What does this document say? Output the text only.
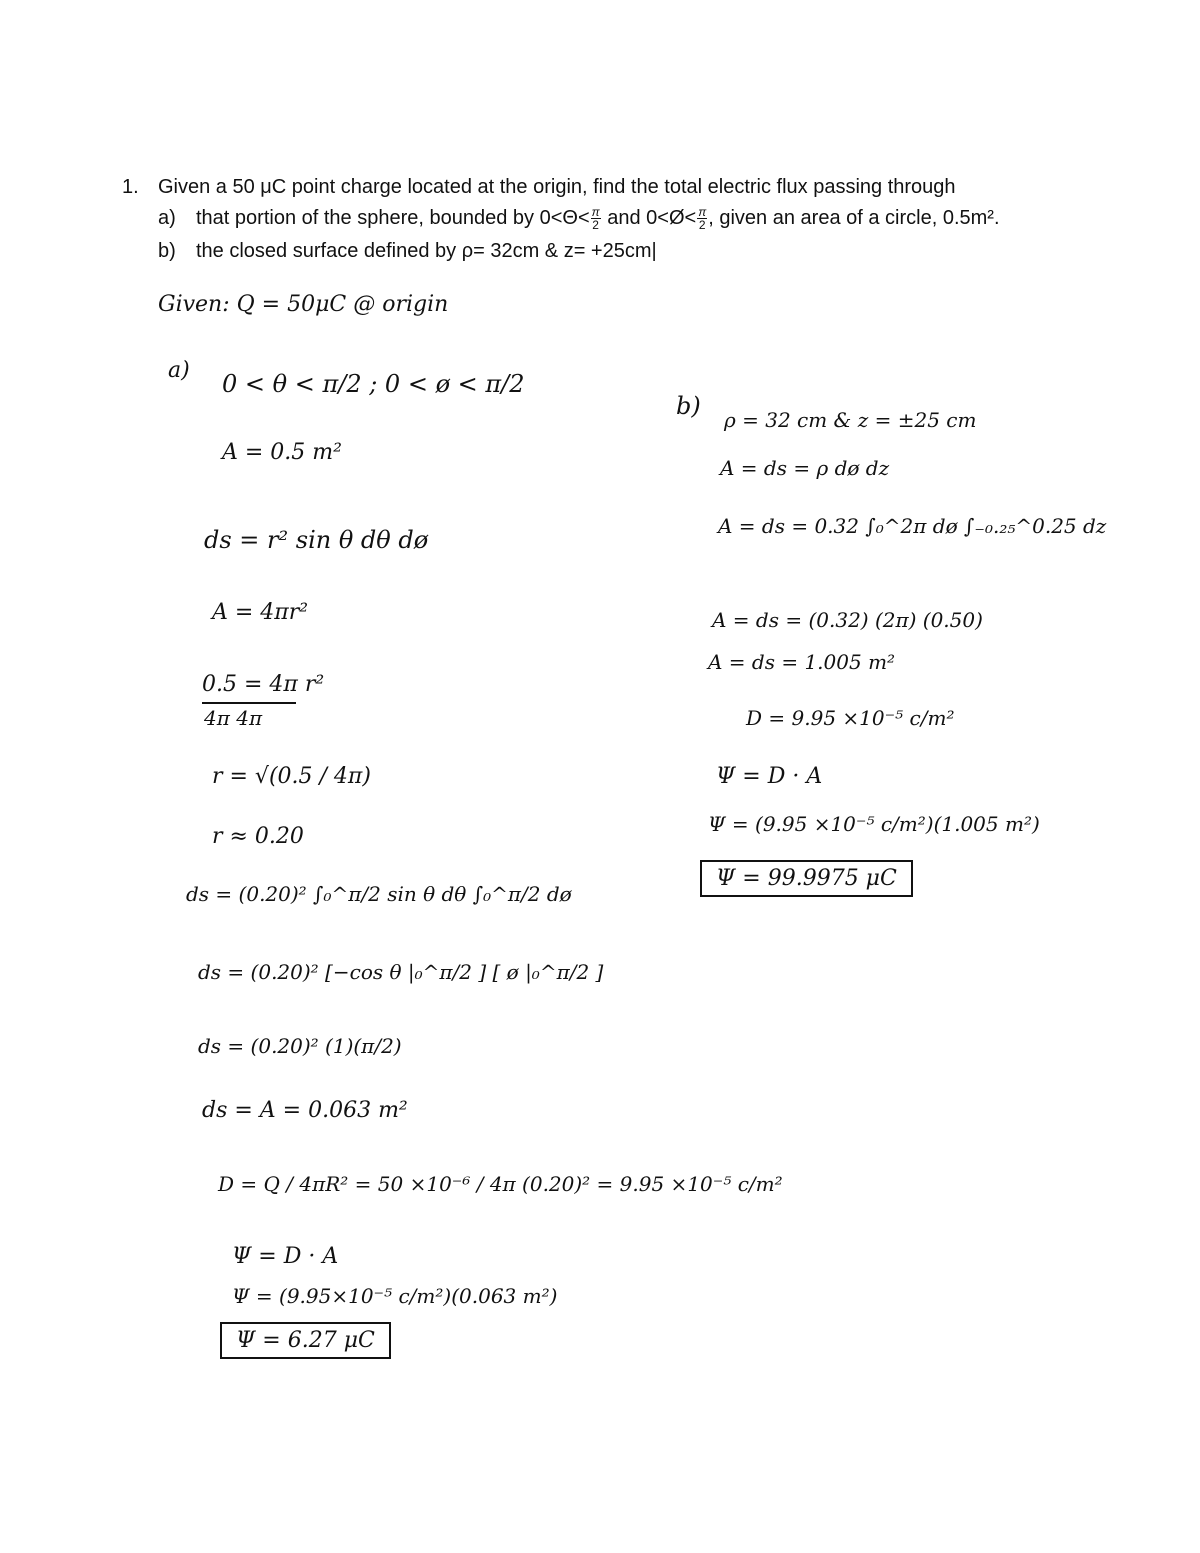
1. Given a 50 μC point charge located at the origin, find the total electric flux passing through
a) that portion of the sphere, bounded by $0<\Theta< \frac{\pi}{2}$ and 0<Ø< $\frac{\pi}{2}$ , given an area of a circle, 0.5m².
b) the closed surface defined by ρ= 32cm & z= +25cm|
Given: Q = 50μC @ origin
a) 0 < θ < π/2 ; 0 < ø < π/2
A = 0.5 m²
ds = r² sin θ dθ dø
A = 4πr²
0.5 = 4π r²
4π 4π
r = √(0.5 / 4π)
r ≈ 0.20
ds = (0.20)² ∫₀^π/2 sin θ dθ ∫₀^π/2 dø
ds = (0.20)² [−cos θ |₀^π/2 ] [ ø |₀^π/2 ]
ds = (0.20)² (1)(π/2)
ds = A = 0.063 m²
D = Q / 4πR² = 50 ×10⁻⁶ / 4π (0.20)² = 9.95 ×10⁻⁵ c/m²
Ψ = D · A
Ψ = (9.95×10⁻⁵ c/m²)(0.063 m²)
Ψ = 6.27 μC
b) ρ = 32 cm & z = ±25 cm
A = ds = ρ dø dz
A = ds = 0.32 ∫₀^2π dø ∫₋₀.₂₅^0.25 dz
A = ds = (0.32) (2π) (0.50)
A = ds = 1.005 m²
D = 9.95 ×10⁻⁵ c/m²
Ψ = D · A
Ψ = (9.95 ×10⁻⁵ c/m²)(1.005 m²)
Ψ = 99.9975 μC
